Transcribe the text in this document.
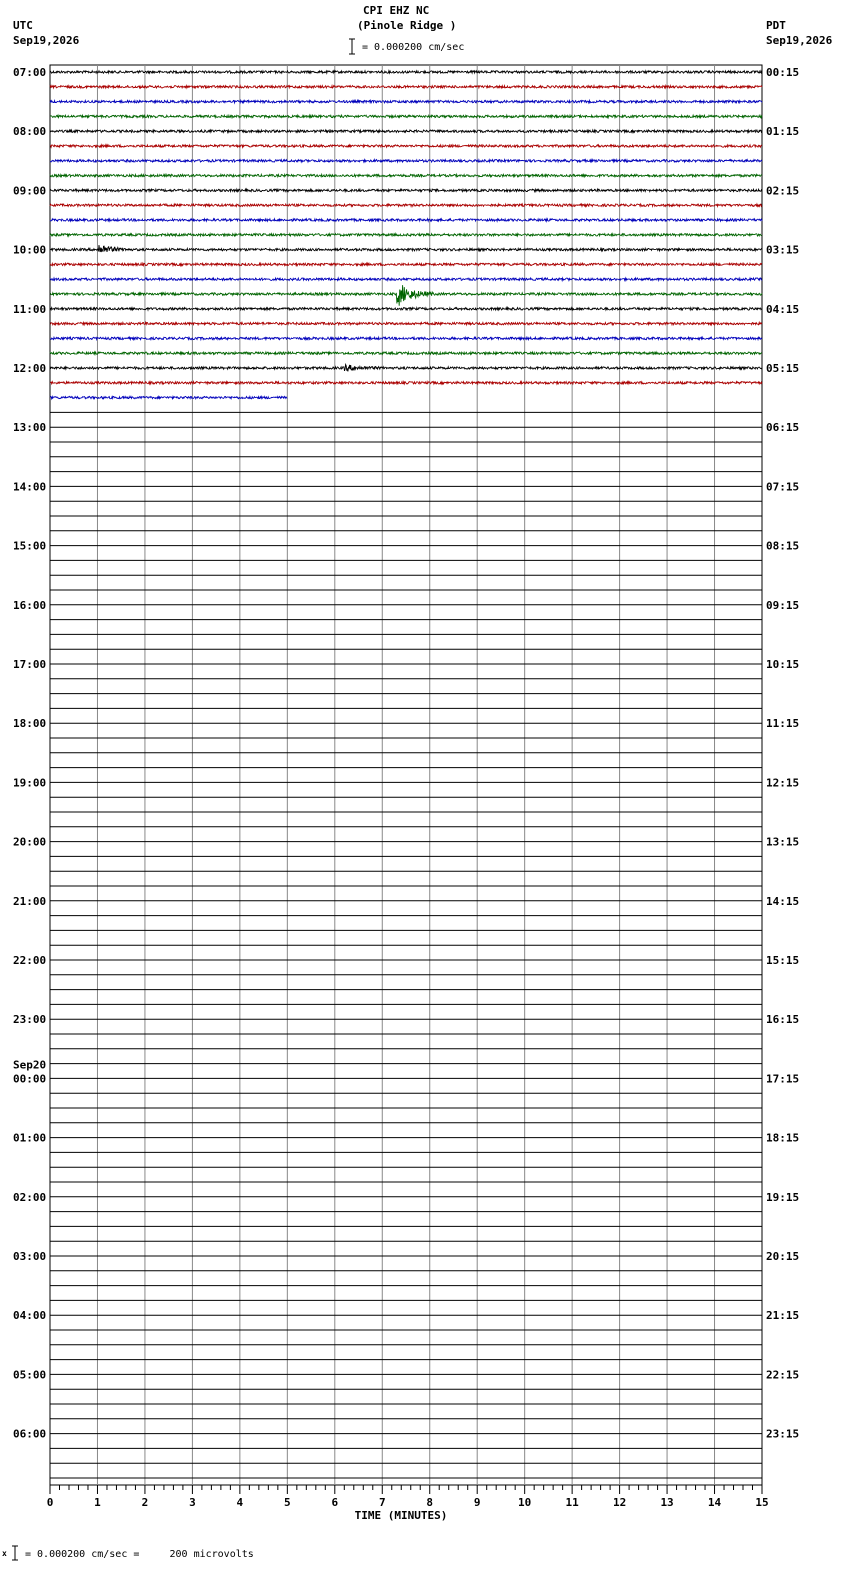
CPI EHZ NC
(Pinole Ridge )
= 0.000200 cm/sec
UTC
Sep19,2026
PDT
Sep19,2026
x = 0.000200 cm/sec =     200 microvolts
07:00
08:00
09:00
10:00
11:00
12:00
13:00
14:00
15:00
16:00
17:00
18:00
19:00
20:00
21:00
22:00
23:00
00:00
01:00
02:00
03:00
04:00
05:00
06:00
Sep20
00:15
01:15
02:15
03:15
04:15
05:15
06:15
07:15
08:15
09:15
10:15
11:15
12:15
13:15
14:15
15:15
16:15
17:15
18:15
19:15
20:15
21:15
22:15
23:15
0	1	2	3	4	5	6	7	8	9	10	11	12	13	14	15
TIME (MINUTES)
